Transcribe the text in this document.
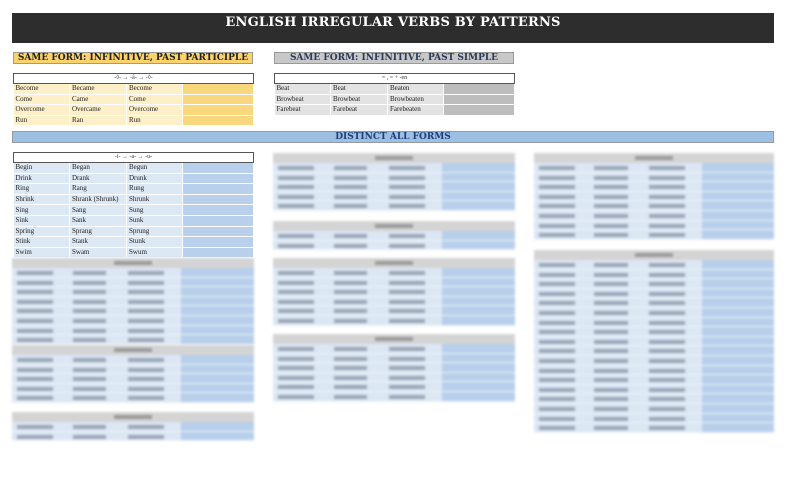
ENGLISH IRREGULAR VERBS BY PATTERNS
SAME FORM: INFINITIVE, PAST PARTICIPLE
-◊- → -â- → -◊-			
Become	Became	Become	
Come	Came	Come	
Overcome	Overcame	Overcome	
Run	Ran	Run	
SAME FORM: INFINITIVE, PAST SIMPLE
= , = + -en			
Beat	Beat	Beaten	
Browbeat	Browbeat	Browbeaten	
Farebeat	Farebeat	Farebeaten	
DISTINCT ALL FORMS
-i- → -a- → -u-			
Begin	Began	Begun	
Drink	Drank	Drunk	
Ring	Rang	Rung	
Shrink	Shrank (Shrunk)	Shrunk	
Sing	Sang	Sung	
Sink	Sank	Sunk	
Spring	Sprang	Sprung	
Stink	Stank	Stunk	
Swim	Swam	Swum	
